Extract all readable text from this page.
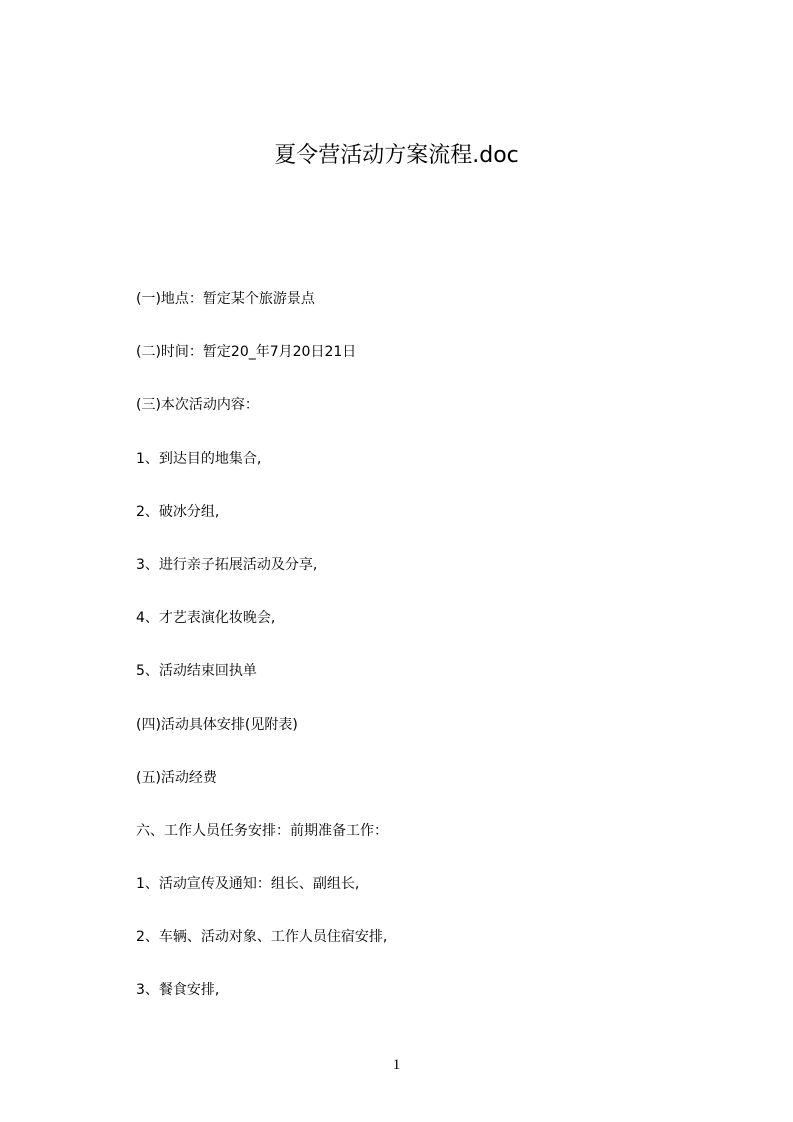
夏令营活动方案流程.doc
(一)地点：暂定某个旅游景点
(二)时间：暂定20_年7月20日21日
(三)本次活动内容：
1、到达目的地集合,
2、破冰分组,
3、进行亲子拓展活动及分享,
4、才艺表演化妆晚会,
5、活动结束回执单
(四)活动具体安排(见附表)
(五)活动经费
六、工作人员任务安排：前期准备工作：
1、活动宣传及通知：组长、副组长,
2、车辆、活动对象、工作人员住宿安排,
3、餐食安排,
1
